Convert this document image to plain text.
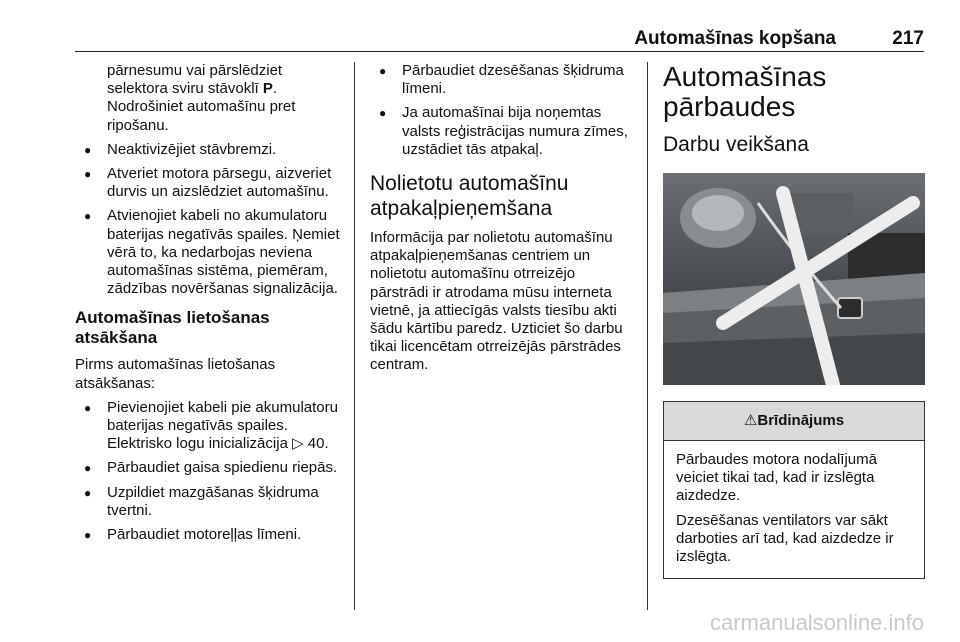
Automašīnas kopšana	217

pārnesumu vai pārslēdziet selektora sviru stāvoklī P. Nodrošiniet automašīnu pret ripošanu.

● Neaktivizējiet stāvbremzi.
● Atveriet motora pārsegu, aizveriet durvis un aizslēdziet automašīnu.
● Atvienojiet kabeli no akumulatoru baterijas negatīvās spailes. Ņemiet vērā to, ka nedarbojas neviena automašīnas sistēma, piemēram, zādzības novēršanas signalizācija.
Automašīnas lietošanas atsākšana

Pirms automašīnas lietošanas atsākšanas:

● Pievienojiet kabeli pie akumulatoru baterijas negatīvās spailes. Elektrisko logu inicializācija ▷ 40.
● Pārbaudiet gaisa spiedienu riepās.
● Uzpildiet mazgāšanas šķidruma tvertni.
● Pārbaudiet motoreļļas līmeni.
● Pārbaudiet dzesēšanas šķidruma līmeni.
● Ja automašīnai bija noņemtas valsts reģistrācijas numura zīmes, uzstādiet tās atpakaļ.
Nolietotu automašīnu atpakaļpieņemšana

Informācija par nolietotu automašīnu atpakaļpieņemšanas centriem un nolietotu automašīnu otrreizējo pārstrādi ir atrodama mūsu interneta vietnē, ja attiecīgās valsts tiesību akti šādu kārtību paredz. Uzticiet šo darbu tikai licencētam otrreizējās pārstrādes centram.

Automašīnas pārbaudes
Darbu veikšana
⚠Brīdinājums

Pārbaudes motora nodalījumā veiciet tikai tad, kad ir izslēgta aizdedze.

Dzesēšanas ventilators var sākt darboties arī tad, kad aizdedze ir izslēgta.

carmanualsonline.info
